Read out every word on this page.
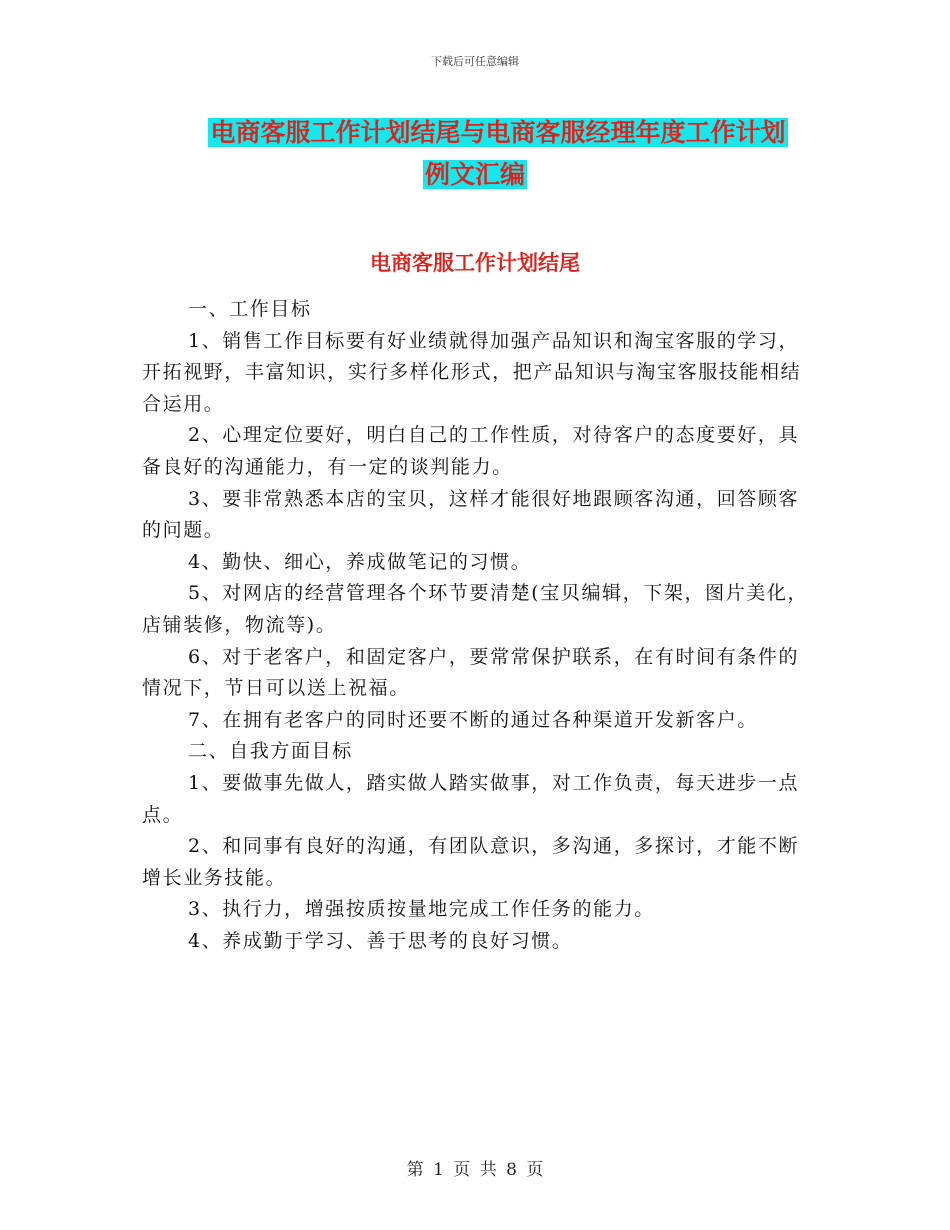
下载后可任意编辑
电商客服工作计划结尾与电商客服经理年度工作计划
例文汇编
电商客服工作计划结尾

一、工作目标

1、销售工作目标要有好业绩就得加强产品知识和淘宝客服的学习，开拓视野，丰富知识，实行多样化形式，把产品知识与淘宝客服技能相结合运用。

2、心理定位要好，明白自己的工作性质，对待客户的态度要好，具备良好的沟通能力，有一定的谈判能力。

3、要非常熟悉本店的宝贝，这样才能很好地跟顾客沟通，回答顾客的问题。

4、勤快、细心，养成做笔记的习惯。

5、对网店的经营管理各个环节要清楚(宝贝编辑，下架，图片美化，店铺装修，物流等)。

6、对于老客户，和固定客户，要常常保护联系，在有时间有条件的情况下，节日可以送上祝福。

7、在拥有老客户的同时还要不断的通过各种渠道开发新客户。

二、自我方面目标

1、要做事先做人，踏实做人踏实做事，对工作负责，每天进步一点点。

2、和同事有良好的沟通，有团队意识，多沟通，多探讨，才能不断增长业务技能。

3、执行力，增强按质按量地完成工作任务的能力。

4、养成勤于学习、善于思考的良好习惯。

第 1 页 共 8 页
